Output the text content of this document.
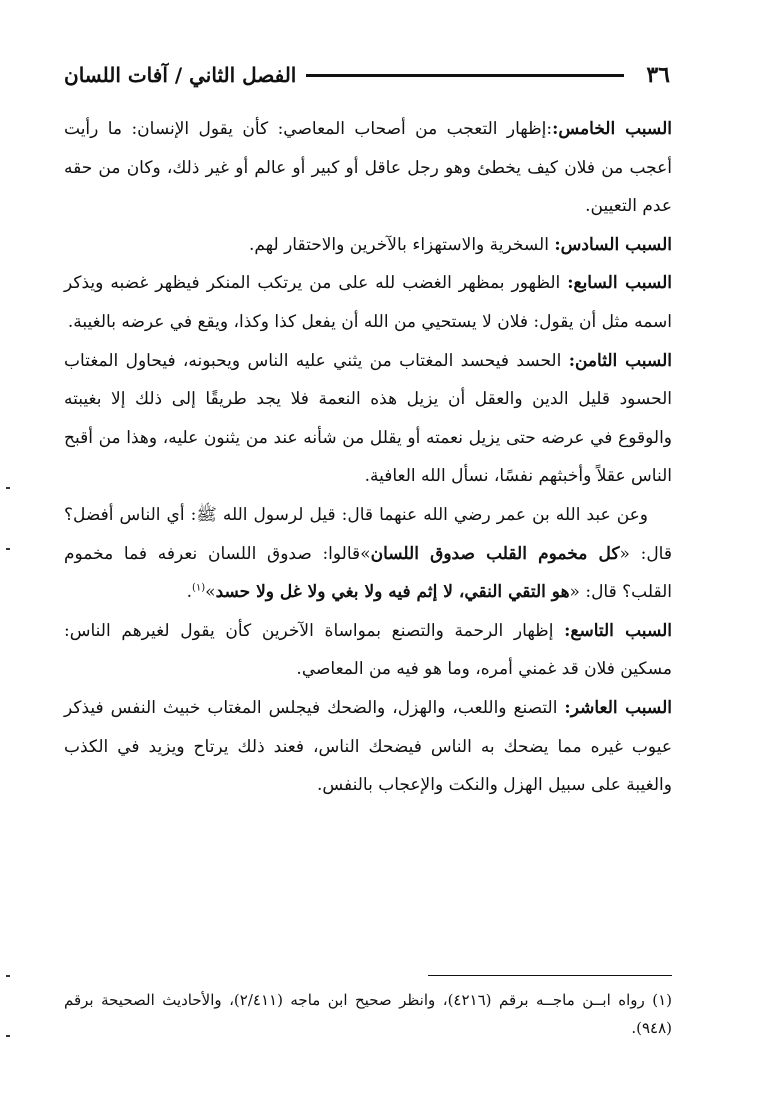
٣٦
الفصل الثاني / آفات اللسان

السبب الخامس::إظهار التعجب من أصحاب المعاصي: كأن يقول الإنسان: ما رأيت أعجب من فلان كيف يخطئ وهو رجل عاقل أو كبير أو عالم أو غير ذلك، وكان من حقه عدم التعيين.

السبب السادس: السخرية والاستهزاء بالآخرين والاحتقار لهم.

السبب السابع: الظهور بمظهر الغضب لله على من يرتكب المنكر فيظهر غضبه ويذكر اسمه مثل أن يقول: فلان لا يستحيي من الله أن يفعل كذا وكذا، ويقع في عرضه بالغيبة.

السبب الثامن: الحسد فيحسد المغتاب من يثني عليه الناس ويحبونه، فيحاول المغتاب الحسود قليل الدين والعقل أن يزيل هذه النعمة فلا يجد طريقًا إلى ذلك إلا بغيبته والوقوع في عرضه حتى يزيل نعمته أو يقلل من شأنه عند من يثنون عليه، وهذا من أقبح الناس عقلاً وأخبثهم نفسًا، نسأل الله العافية.

وعن عبد الله بن عمر رضي الله عنهما قال: قيل لرسول الله ﷺ: أي الناس أفضل؟ قال: «كل مخموم القلب صدوق اللسان»قالوا: صدوق اللسان نعرفه فما مخموم القلب؟ قال: «هو التقي النقي، لا إثم فيه ولا بغي ولا غل ولا حسد»$^{(١)}$.

السبب التاسع: إظهار الرحمة والتصنع بمواساة الآخرين كأن يقول لغيرهم الناس: مسكين فلان قد غمني أمره، وما هو فيه من المعاصي.

السبب العاشر: التصنع واللعب، والهزل، والضحك فيجلس المغتاب خبيث النفس فيذكر عيوب غيره مما يضحك به الناس فيضحك الناس، فعند ذلك يرتاح ويزيد في الكذب والغيبة على سبيل الهزل والنكت والإعجاب بالنفس.

(١) رواه ابــن ماجــه برقم (٤٢١٦)، وانظر صحيح ابن ماجه (٢/٤١١)، والأحاديث الصحيحة برقم (٩٤٨).
